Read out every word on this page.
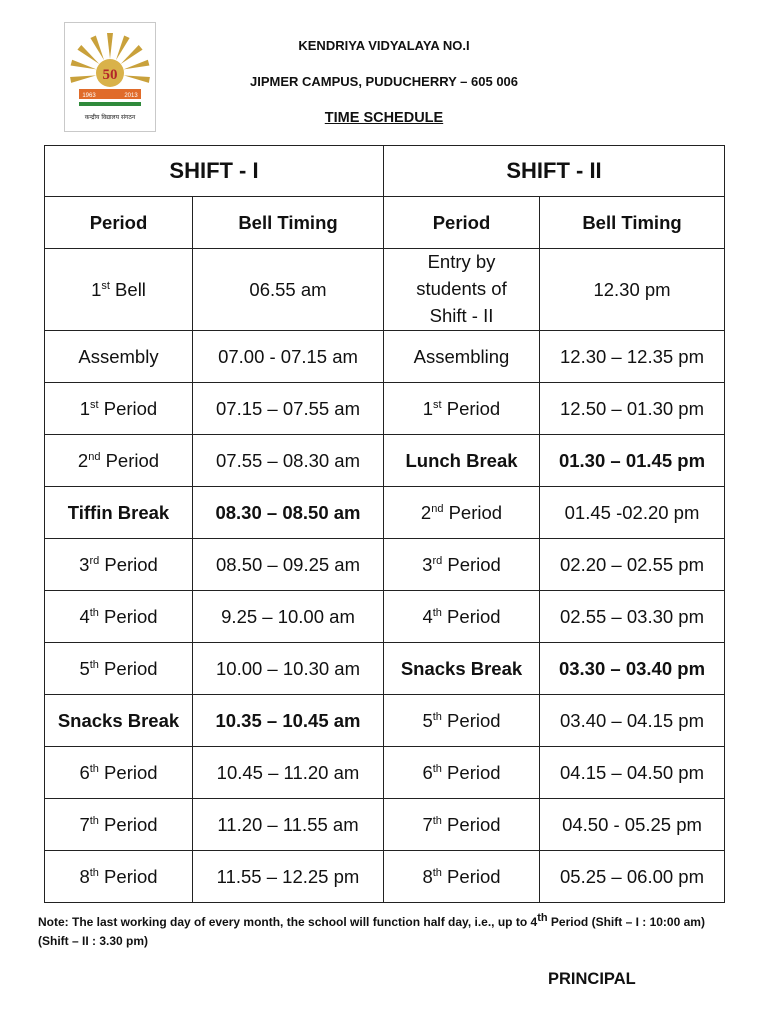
50
1963	2013
कन्द्रीय विद्यालय संगठन
KENDRIYA VIDYALAYA NO.I
JIPMER CAMPUS, PUDUCHERRY – 605 006
TIME SCHEDULE
SHIFT - I		SHIFT - II	
Period	Bell Timing	Period	Bell Timing
1st Bell	06.55 am	Entry by students of Shift - II	12.30 pm
Assembly	07.00 - 07.15 am	Assembling	12.30 – 12.35 pm
1st Period	07.15 – 07.55 am	1st Period	12.50 – 01.30 pm
2nd Period	07.55 – 08.30 am	Lunch Break	01.30 – 01.45 pm
Tiffin Break	08.30 – 08.50 am	2nd Period	01.45 -02.20 pm
3rd Period	08.50 – 09.25 am	3rd Period	02.20 – 02.55 pm
4th Period	9.25 – 10.00 am	4th Period	02.55 – 03.30 pm
5th Period	10.00 – 10.30 am	Snacks Break	03.30 – 03.40 pm
Snacks Break	10.35 – 10.45 am	5th Period	03.40 – 04.15 pm
6th Period	10.45 – 11.20 am	6th Period	04.15 – 04.50 pm
7th Period	11.20 – 11.55 am	7th Period	04.50 - 05.25 pm
8th Period	11.55 – 12.25 pm	8th Period	05.25 – 06.00 pm
Note: The last working day of every month, the school will function half day, i.e., up to 4th Period (Shift – I : 10:00 am) (Shift – II : 3.30 pm)
PRINCIPAL
